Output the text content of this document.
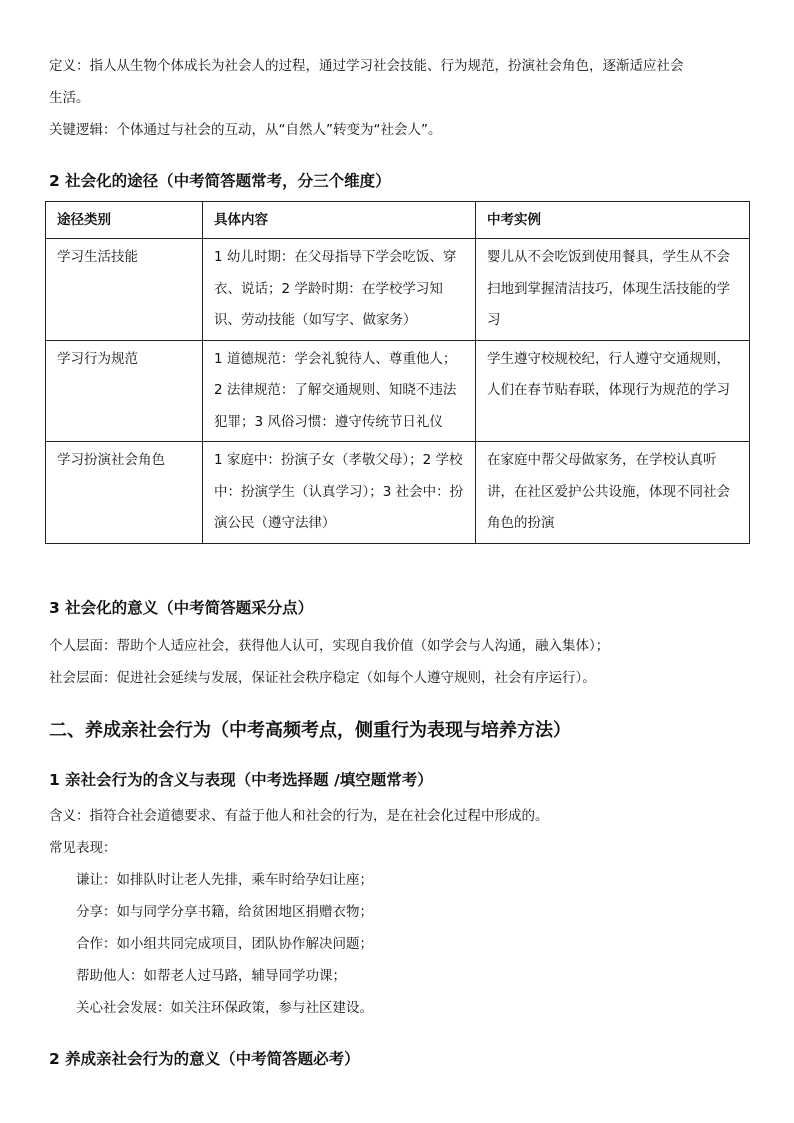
定义：指人从生物个体成长为社会人的过程，通过学习社会技能、行为规范，扮演社会角色，逐渐适应社会

生活。

关键逻辑：个体通过与社会的互动，从“自然人”转变为“社会人”。

2 社会化的途径（中考简答题常考，分三个维度）
途径类别	具体内容	中考实例
学习生活技能	1 幼儿时期：在父母指导下学会吃饭、穿衣、说话；2 学龄时期：在学校学习知识、劳动技能（如写字、做家务）	婴儿从不会吃饭到使用餐具，学生从不会扫地到掌握清洁技巧，体现生活技能的学习
学习行为规范	1 道德规范：学会礼貌待人、尊重他人；2 法律规范：了解交通规则、知晓不违法犯罪；3 风俗习惯：遵守传统节日礼仪	学生遵守校规校纪，行人遵守交通规则，人们在春节贴春联，体现行为规范的学习
学习扮演社会角色	1 家庭中：扮演子女（孝敬父母）；2 学校中：扮演学生（认真学习）；3 社会中：扮演公民（遵守法律）	在家庭中帮父母做家务，在学校认真听讲，在社区爱护公共设施，体现不同社会角色的扮演
3 社会化的意义（中考简答题采分点）

个人层面：帮助个人适应社会，获得他人认可，实现自我价值（如学会与人沟通，融入集体）；

社会层面：促进社会延续与发展，保证社会秩序稳定（如每个人遵守规则，社会有序运行）。

二、养成亲社会行为（中考高频考点，侧重行为表现与培养方法）
1 亲社会行为的含义与表现（中考选择题 /填空题常考）

含义：指符合社会道德要求、有益于他人和社会的行为，是在社会化过程中形成的。

常见表现：

谦让：如排队时让老人先排，乘车时给孕妇让座；

分享：如与同学分享书籍，给贫困地区捐赠衣物；

合作：如小组共同完成项目，团队协作解决问题；

帮助他人：如帮老人过马路，辅导同学功课；

关心社会发展：如关注环保政策，参与社区建设。

2 养成亲社会行为的意义（中考简答题必考）
